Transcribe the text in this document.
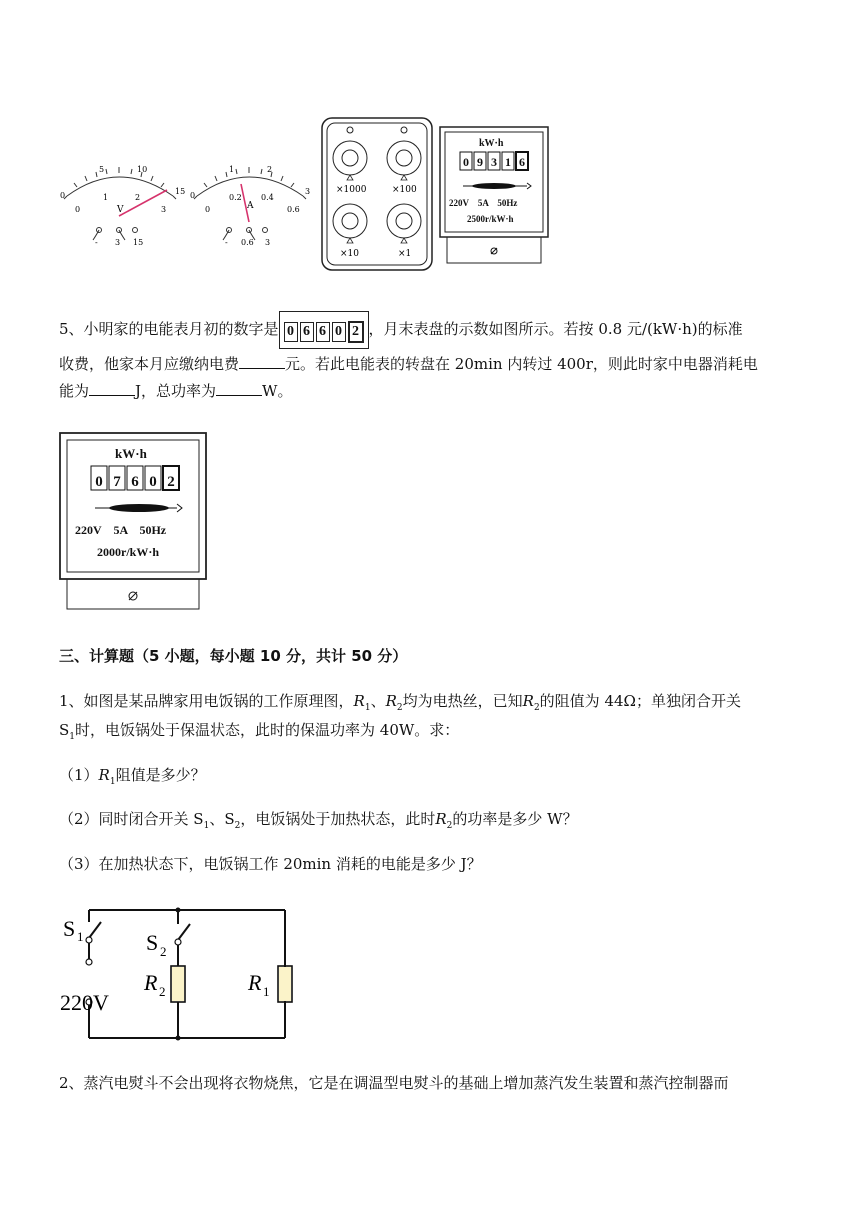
0
5	10
15
0
1	2
3
V
- 3 15
0
1	2
3
0
0.2 0.4
0.6
A
- 0.6 3
×1000	×100
×10	×1
kW·h
0 9 3 1 6
220V    5A    50Hz
2500r/kW·h
5、小明家的电能表月初的数字是 0 6 6 0 2 ，月末表盘的示数如图所示。若按 0.8 元/(kW·h)的标准
收费，他家本月应缴纳电费	元。若此电能表的转盘在 20min 内转过 400r，则此时家中电器消耗电
能为	J，总功率为	W。
kW·h
0 7 6 0 2
220V    5A    50Hz
2000r/kW·h
三、计算题（5 小题，每小题 10 分，共计 50 分）
1、如图是某品牌家用电饭锅的工作原理图，$R_1$、$R_2$均为电热丝，已知$R_2$的阻值为 44Ω；单独闭合开关
$S_1$时，电饭锅处于保温状态，此时的保温功率为 40W。求：
$(1)R_1$阻值是多少？
（2）同时闭合开关 $S_1$、$S_2$，电饭锅处于加热状态，此时$R_2$的功率是多少 W？
（3）在加热状态下，电饭锅工作 20min 消耗的电能是多少 J？
S 1	S 2
R 2	R 1
220V
2、蒸汽电熨斗不会出现将衣物烧焦，它是在调温型电熨斗的基础上增加蒸汽发生装置和蒸汽控制器而
